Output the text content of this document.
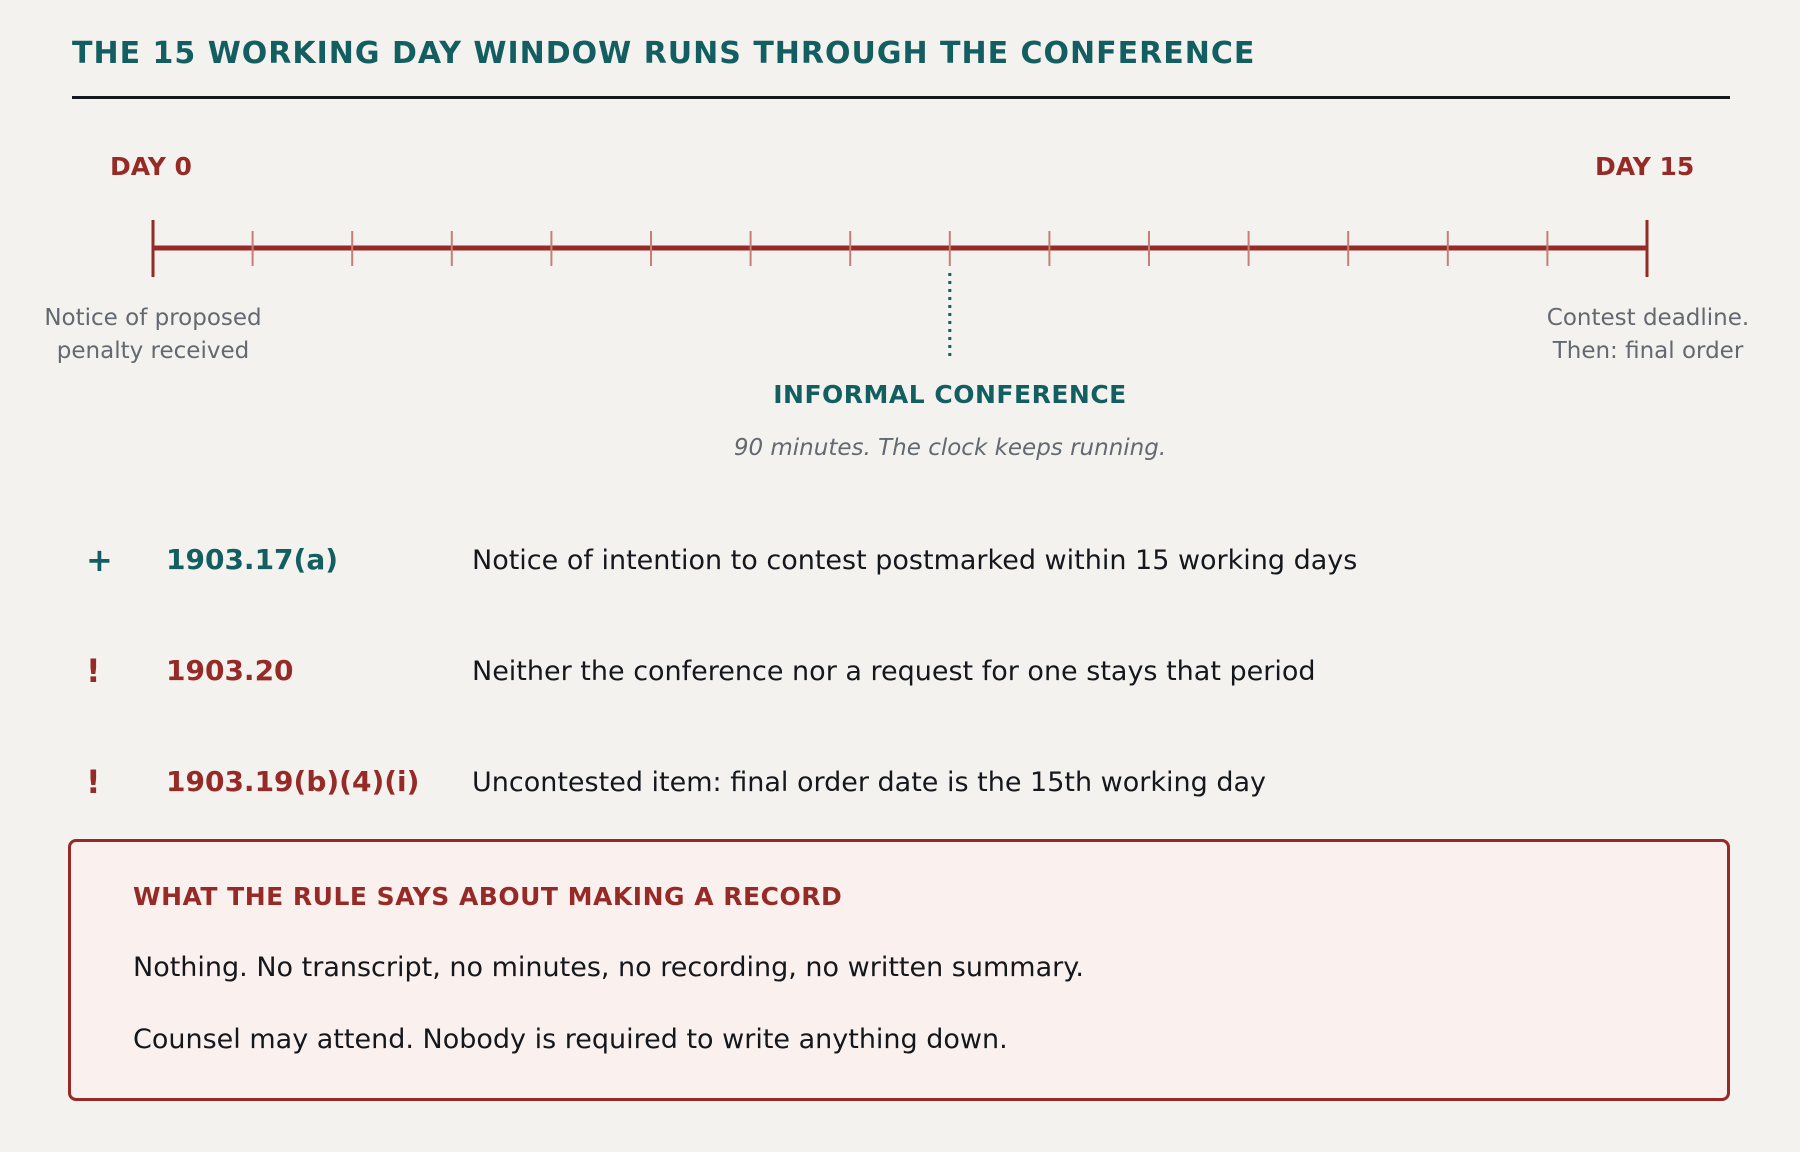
THE 15 WORKING DAY WINDOW RUNS THROUGH THE CONFERENCE
DAY 0	DAY 15
Notice of proposed
penalty received
Contest deadline.
Then: final order
INFORMAL CONFERENCE
90 minutes. The clock keeps running.
+ 1903.17(a)	Notice of intention to contest postmarked within 15 working days
! 1903.20	Neither the conference nor a request for one stays that period
! 1903.19(b)(4)(i) Uncontested item: final order date is the 15th working day
WHAT THE RULE SAYS ABOUT MAKING A RECORD
Nothing. No transcript, no minutes, no recording, no written summary.
Counsel may attend. Nobody is required to write anything down.
